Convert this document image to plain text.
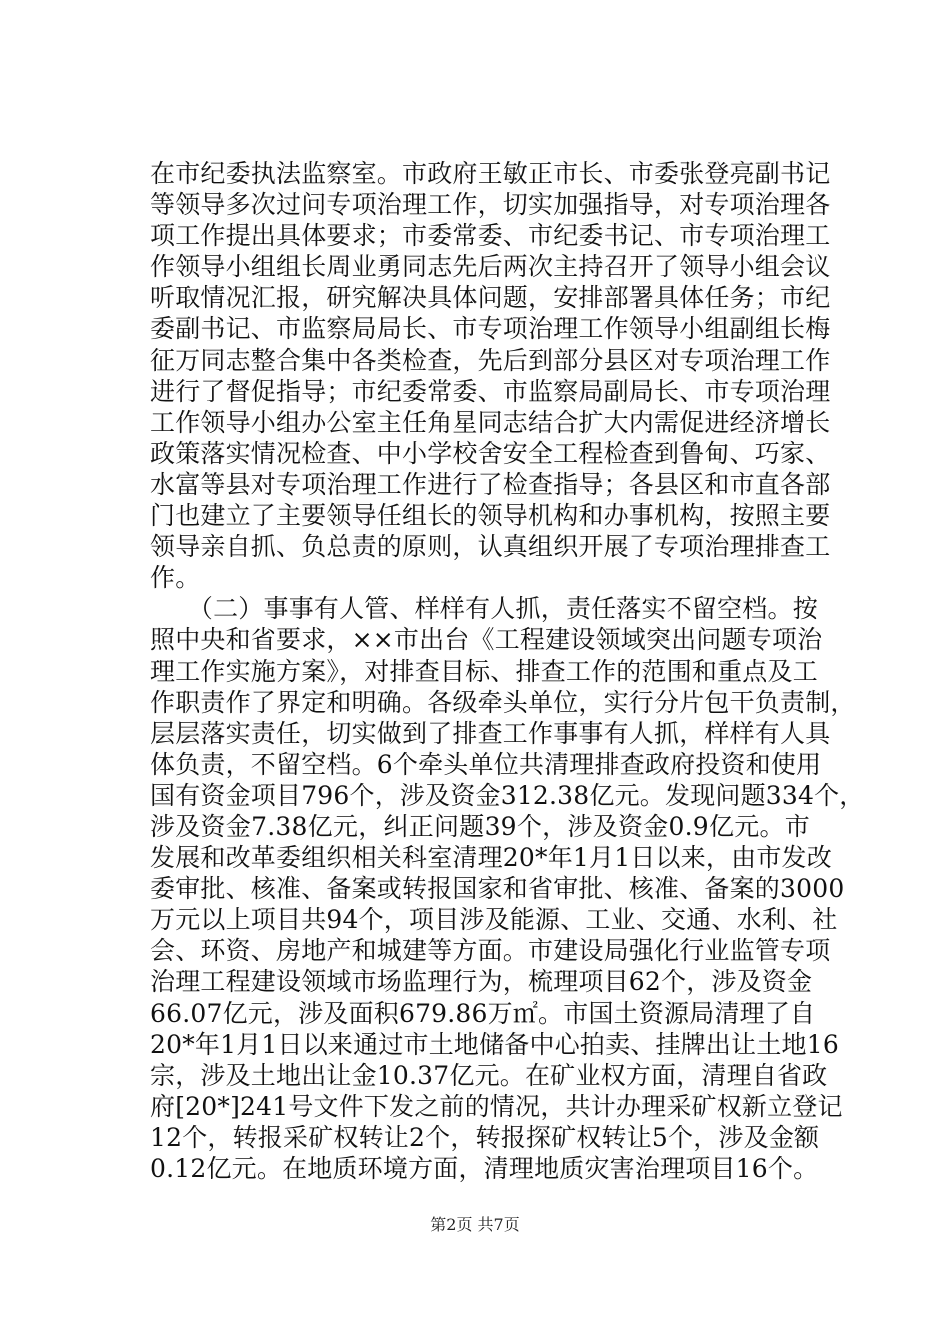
在市纪委执法监察室。市政府王敏正市长、市委张登亮副书记
等领导多次过问专项治理工作，切实加强指导，对专项治理各
项工作提出具体要求；市委常委、市纪委书记、市专项治理工
作领导小组组长周业勇同志先后两次主持召开了领导小组会议
听取情况汇报，研究解决具体问题，安排部署具体任务；市纪
委副书记、市监察局局长、市专项治理工作领导小组副组长梅
征万同志整合集中各类检查，先后到部分县区对专项治理工作
进行了督促指导；市纪委常委、市监察局副局长、市专项治理
工作领导小组办公室主任角星同志结合扩大内需促进经济增长
政策落实情况检查、中小学校舍安全工程检查到鲁甸、巧家、
水富等县对专项治理工作进行了检查指导；各县区和市直各部
门也建立了主要领导任组长的领导机构和办事机构，按照主要
领导亲自抓、负总责的原则，认真组织开展了专项治理排查工
作。
　　（二）事事有人管、样样有人抓，责任落实不留空档。按
照中央和省要求，××市出台《工程建设领域突出问题专项治
理工作实施方案》，对排查目标、排查工作的范围和重点及工
作职责作了界定和明确。各级牵头单位，实行分片包干负责制，
层层落实责任，切实做到了排查工作事事有人抓，样样有人具
体负责，不留空档。6个牵头单位共清理排查政府投资和使用
国有资金项目796个，涉及资金312.38亿元。发现问题334个，
涉及资金7.38亿元，纠正问题39个，涉及资金0.9亿元。市
发展和改革委组织相关科室清理20*年1月1日以来，由市发改
委审批、核准、备案或转报国家和省审批、核准、备案的3000
万元以上项目共94个，项目涉及能源、工业、交通、水利、社
会、环资、房地产和城建等方面。市建设局强化行业监管专项
治理工程建设领域市场监理行为，梳理项目62个，涉及资金
66.07亿元，涉及面积679.86万㎡。市国土资源局清理了自
20*年1月1日以来通过市土地储备中心拍卖、挂牌出让土地16
宗，涉及土地出让金10.37亿元。在矿业权方面，清理自省政
府[20*]241号文件下发之前的情况，共计办理采矿权新立登记
12个，转报采矿权转让2个，转报探矿权转让5个，涉及金额
0.12亿元。在地质环境方面，清理地质灾害治理项目16个。
第2页 共7页
